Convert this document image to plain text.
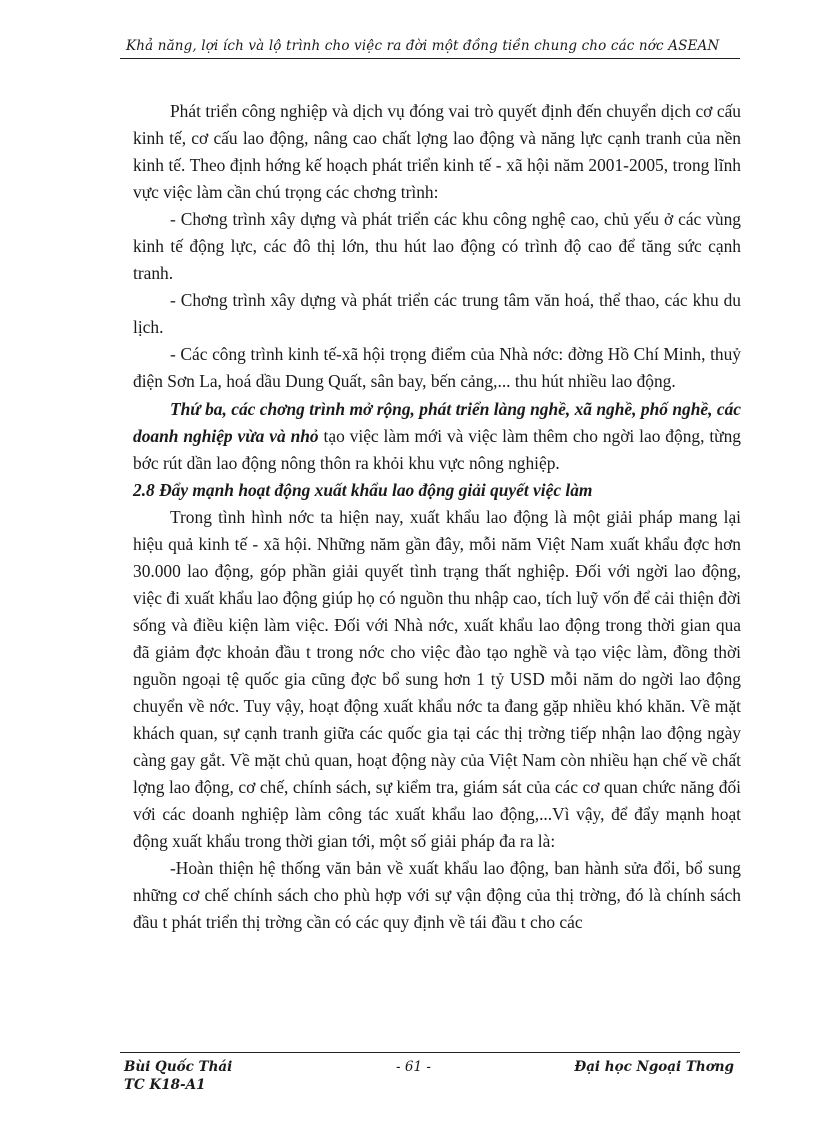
Khả năng, lợi ích và lộ trình cho việc ra đời một đồng tiền chung cho các nớc ASEAN

Phát triển công nghiệp và dịch vụ đóng vai trò quyết định đến chuyển dịch cơ cấu kinh tế, cơ cấu lao động, nâng cao chất lợng lao động và năng lực cạnh tranh của nền kinh tế. Theo định hớng kế hoạch phát triển kinh tế - xã hội năm 2001-2005, trong lĩnh vực việc làm cần chú trọng các chơng trình:

- Chơng trình xây dựng và phát triển các khu công nghệ cao, chủ yếu ở các vùng kinh tế động lực, các đô thị lớn, thu hút lao động có trình độ cao để tăng sức cạnh tranh.

- Chơng trình xây dựng và phát triển các trung tâm văn hoá, thể thao, các khu du lịch.

- Các công trình kinh tế-xã hội trọng điểm của Nhà nớc: đờng Hồ Chí Minh, thuỷ điện Sơn La, hoá dầu Dung Quất, sân bay, bến cảng,... thu hút nhiều lao động.

Thứ ba, các chơng trình mở rộng, phát triển làng nghề, xã nghề, phố nghề, các doanh nghiệp vừa và nhỏ tạo việc làm mới và việc làm thêm cho ngời lao động, từng bớc rút dần lao động nông thôn ra khỏi khu vực nông nghiệp.

2.8 Đẩy mạnh hoạt động xuất khẩu lao động giải quyết việc làm

Trong tình hình nớc ta hiện nay, xuất khẩu lao động là một giải pháp mang lại hiệu quả kinh tế - xã hội. Những năm gần đây, mỗi năm Việt Nam xuất khẩu đợc hơn 30.000 lao động, góp phần giải quyết tình trạng thất nghiệp. Đối với ngời lao động, việc đi xuất khẩu lao động giúp họ có nguồn thu nhập cao, tích luỹ vốn để cải thiện đời sống và điều kiện làm việc. Đối với Nhà nớc, xuất khẩu lao động trong thời gian qua đã giảm đợc khoản đầu t trong nớc cho việc đào tạo nghề và tạo việc làm, đồng thời nguồn ngoại tệ quốc gia cũng đợc bổ sung hơn 1 tỷ USD mỗi năm do ngời lao động chuyển về nớc. Tuy vậy, hoạt động xuất khẩu nớc ta đang gặp nhiều khó khăn. Về mặt khách quan, sự cạnh tranh giữa các quốc gia tại các thị trờng tiếp nhận lao động ngày càng gay gắt. Về mặt chủ quan, hoạt động này của Việt Nam còn nhiều hạn chế về chất lợng lao động, cơ chế, chính sách, sự kiểm tra, giám sát của các cơ quan chức năng đối với các doanh nghiệp làm công tác xuất khẩu lao động,...Vì vậy, để đẩy mạnh hoạt động xuất khẩu trong thời gian tới, một số giải pháp đa ra là:

-Hoàn thiện hệ thống văn bản về xuất khẩu lao động, ban hành sửa đổi, bổ sung những cơ chế chính sách cho phù hợp với sự vận động của thị trờng, đó là chính sách đầu t phát triển thị trờng cần có các quy định về tái đầu t cho các

Bùi Quốc Thái
TC K18-A1
- 61 -	Đại học Ngoại Thơng
